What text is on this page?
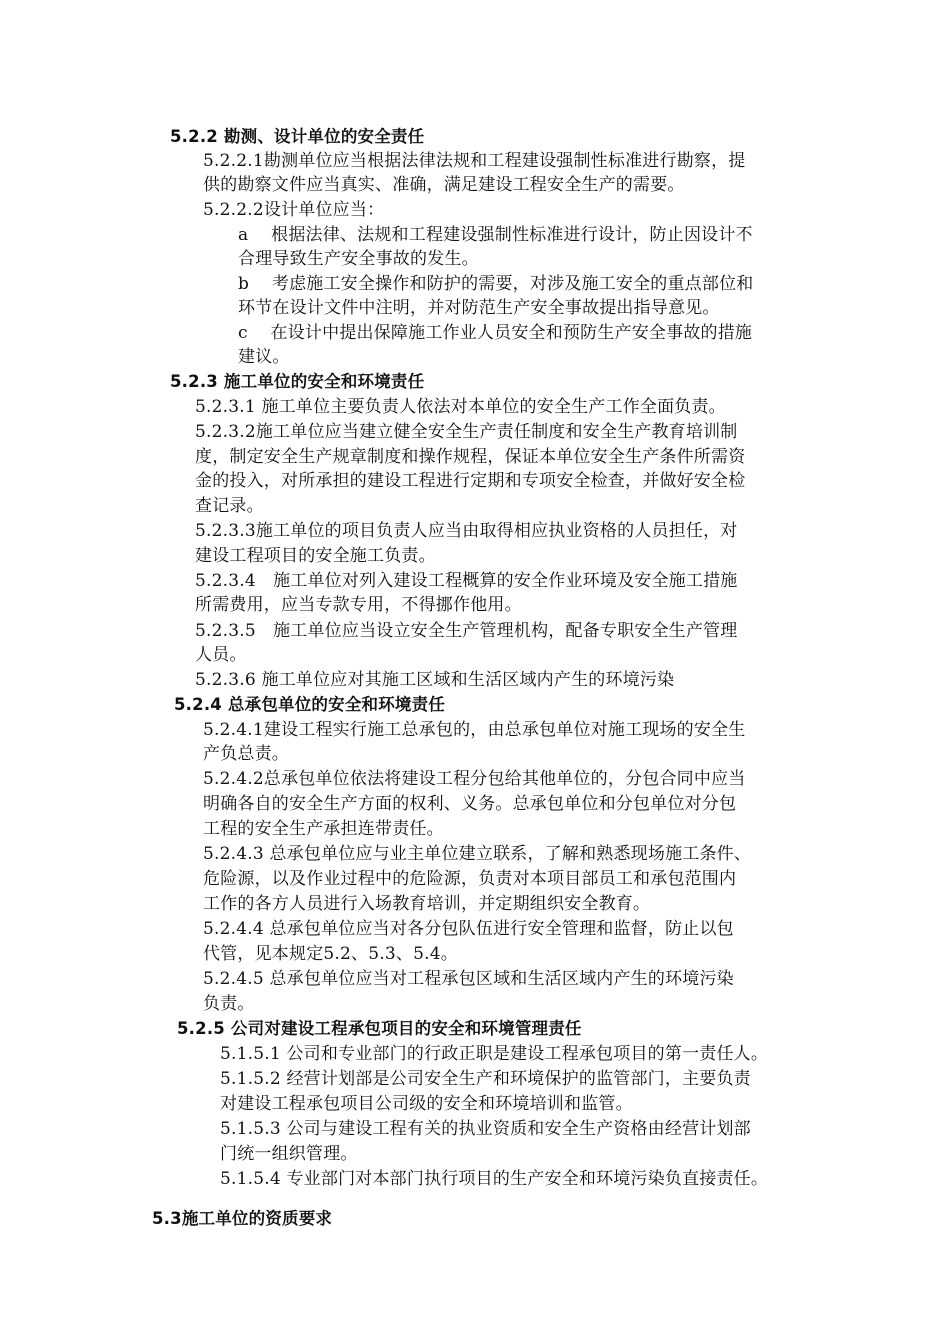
5.2.2 勘测、设计单位的安全责任
5.2.2.1勘测单位应当根据法律法规和工程建设强制性标准进行勘察，提
供的勘察文件应当真实、准确，满足建设工程安全生产的需要。
5.2.2.2设计单位应当：
a　 根据法律、法规和工程建设强制性标准进行设计，防止因设计不
合理导致生产安全事故的发生。
b　 考虑施工安全操作和防护的需要，对涉及施工安全的重点部位和
环节在设计文件中注明，并对防范生产安全事故提出指导意见。
c　 在设计中提出保障施工作业人员安全和预防生产安全事故的措施
建议。
5.2.3 施工单位的安全和环境责任
5.2.3.1 施工单位主要负责人依法对本单位的安全生产工作全面负责。
5.2.3.2施工单位应当建立健全安全生产责任制度和安全生产教育培训制
度，制定安全生产规章制度和操作规程，保证本单位安全生产条件所需资
金的投入，对所承担的建设工程进行定期和专项安全检查，并做好安全检
查记录。
5.2.3.3施工单位的项目负责人应当由取得相应执业资格的人员担任，对
建设工程项目的安全施工负责。
5.2.3.4　施工单位对列入建设工程概算的安全作业环境及安全施工措施
所需费用，应当专款专用，不得挪作他用。
5.2.3.5　施工单位应当设立安全生产管理机构，配备专职安全生产管理
人员。
5.2.3.6 施工单位应对其施工区域和生活区域内产生的环境污染
5.2.4 总承包单位的安全和环境责任
5.2.4.1建设工程实行施工总承包的，由总承包单位对施工现场的安全生
产负总责。
5.2.4.2总承包单位依法将建设工程分包给其他单位的，分包合同中应当
明确各自的安全生产方面的权利、义务。总承包单位和分包单位对分包
工程的安全生产承担连带责任。
5.2.4.3 总承包单位应与业主单位建立联系，了解和熟悉现场施工条件、
危险源，以及作业过程中的危险源，负责对本项目部员工和承包范围内
工作的各方人员进行入场教育培训，并定期组织安全教育。
5.2.4.4 总承包单位应当对各分包队伍进行安全管理和监督，防止以包
代管，见本规定5.2、5.3、5.4。
5.2.4.5 总承包单位应当对工程承包区域和生活区域内产生的环境污染
负责。
5.2.5 公司对建设工程承包项目的安全和环境管理责任
5.1.5.1 公司和专业部门的行政正职是建设工程承包项目的第一责任人。
5.1.5.2 经营计划部是公司安全生产和环境保护的监管部门，主要负责
对建设工程承包项目公司级的安全和环境培训和监管。
5.1.5.3 公司与建设工程有关的执业资质和安全生产资格由经营计划部
门统一组织管理。
5.1.5.4 专业部门对本部门执行项目的生产安全和环境污染负直接责任。
5.3施工单位的资质要求
